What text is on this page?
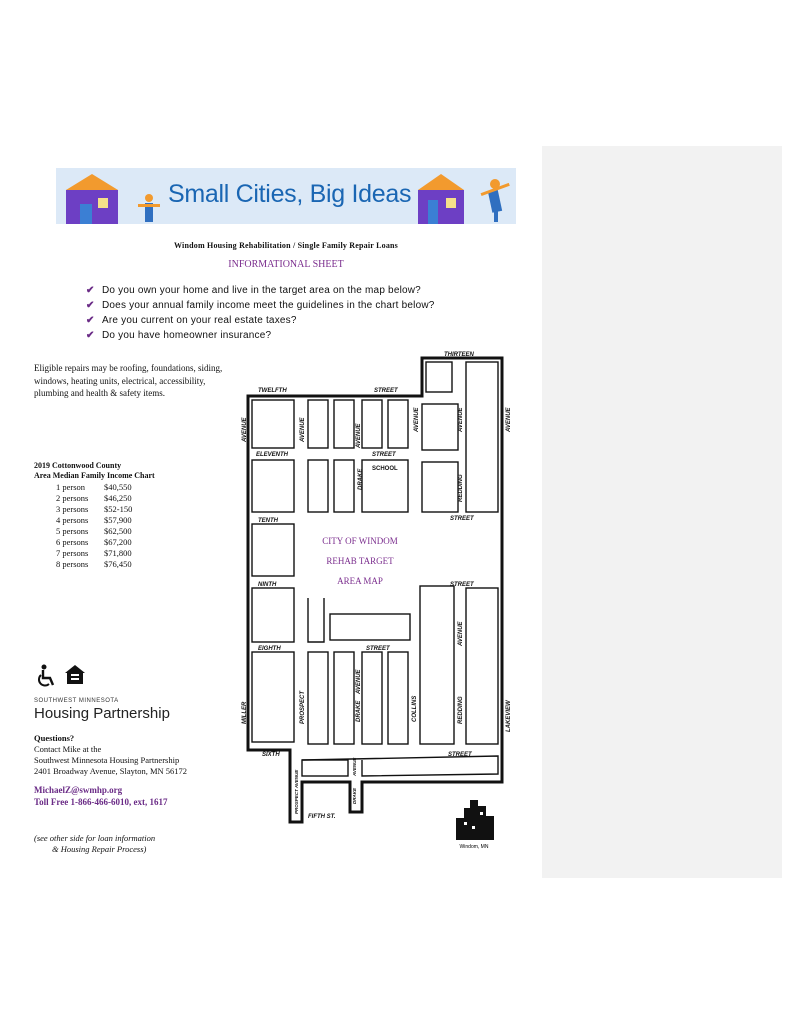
Small Cities, Big Ideas
Windom Housing Rehabilitation / Single Family Repair Loans
INFORMATIONAL SHEET
✔ Do you own your home and live in the target area on the map below?
✔ Does your annual family income meet the guidelines in the chart below?
✔ Are you current on your real estate taxes?
✔ Do you have homeowner insurance?
Eligible repairs may be roofing, foundations, siding, windows, heating units, electrical, accessibility, plumbing and health & safety items.
2019 Cottonwood County
Area Median Family Income Chart
1 person	$40,550
2 persons	$46,250
3 persons	$52-150
4 persons	$57,900
5 persons	$62,500
6 persons	$67,200
7 persons	$71,800
8 persons	$76,450

SOUTHWEST MINNESOTA
Housing Partnership
Questions?
Contact Mike at the
Southwest Minnesota Housing Partnership
2401 Broadway Avenue, Slayton, MN 56172
MichaelZ@swmhp.org
Toll Free 1-866-466-6010, ext, 1617
(see other side for loan information
& Housing Repair Process)
THIRTEEN
TWELFTH	STREET
AVENUE	AVENUE	AVENUE
AVENUE	AVENUE	AVENUE
ELEVENTH	STREET
SCHOOL
DRAKE	REDDING
TENTH	STREET
NINTH	STREET
AVENUE
EIGHTH	STREET
MILLER	PROSPECT
AVENUE
DRAKE	COLLINS	REDDING	LAKEVIEW
SIXTH	STREET
PROSPECT AVENUE
AVENUE
DRAKE
FIFTH ST.
CITY OF WINDOM
REHAB TARGET
AREA MAP
Windom, MN
